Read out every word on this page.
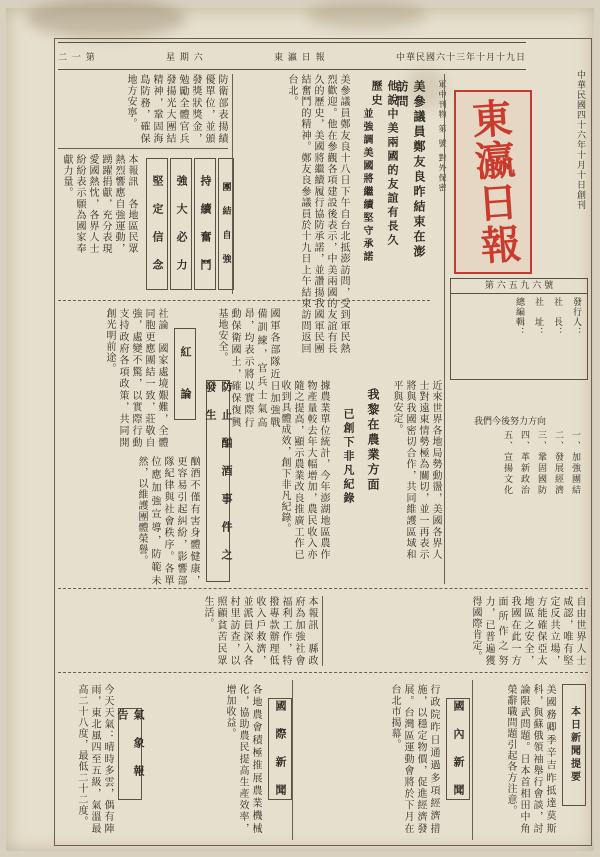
二 一 第	星 期 六	東 瀛 日 報	中華民國六十三年十月十九日
中華民國四十六年十月十日創刊
軍中刊物 第 號 對外保密 東瀛日報
第 六 五 九 六 號
發行人：
社　長：
社　址：
總編輯：
美參議員鄭友良昨結束在澎訪問
他說中美兩國的友誼有長久歷史
並強調美國將繼續堅守承諾
美參議員鄭友良十八日下午自台北抵澎訪問，受到軍民熱烈歡迎。他在參觀各項建設後表示，中美兩國的友誼有長久的歷史，美國將繼續履行協防承諾，並讚揚我國軍民團結奮鬥的精神。鄭友良參議員於十九日上午結束訪問返回台北。
防衛部表揚績優單位，並頒發獎狀獎金，勉勵全體官兵發揚光大團結精神，鞏固海島防務，確保地方安寧。
本報訊　各地區民眾熱烈響應自強運動，踴躍捐獻，充分表現愛國熱忱，各界人士紛紛表示願為國家奉獻力量。	堅　定　信　念	強　大　必　力	持　續　奮　鬥 團　結　自　強
社論　國家處境艱難，全體同胞更應團結一致，莊敬自強，處變不驚，以實際行動支持政府各項政策，共同開創光明前途。	紅　　論	國軍各部隊近日加強戰備訓練，官兵士氣高昂，均表示將以實際行動保衛國土，確保復興基地安全。
防　止　酗　酒　事　件　之　發　生
酗酒不僅有害身體健康，更容易引起糾紛，影響部隊紀律與社會秩序。各單位應加強宣導，防範未然，以維護團體榮譽。
我黎在農業方面
已創下非凡紀錄
據農業單位統計，今年澎湖地區農作物產量較去年大幅增加，農民收入亦隨之提高，顯示農業改良推廣工作已收到具體成效，創下非凡紀錄。	近來世界各地局勢動盪，美國各界人士對遠東情勢極為關切，並一再表示將與我國密切合作，共同維護區域和平與安定。	我們今後努力方向
一、加強團結
二、發展經濟
三、鞏固國防
四、革新政治
五、宣揚文化
本報訊　縣政府為加強社會福利工作，特撥專款辦理低收入戶救濟，並派員深入各村里訪查，以照顧貧苦民眾生活。	自由世界人士咸認，唯有堅定反共立場，方能確保亞太地區之安全，我國在此一方面所作之努力，已普遍獲得國際肯定。
本日新聞提要
美國務卿季辛吉昨抵達莫斯科，與蘇俄領袖舉行會談，討論限武問題。日本首相田中角榮辭職問題引起各方注意。
國　內　新　聞
行政院昨日通過多項經濟措施，以穩定物價，促進經濟發展。台灣區運動會將於下月在台北市揭幕。
國　際　新　聞
各地農會積極推展農業機械化，協助農民提高生產效率，增加收益。
氣　象　報　告
今天天氣：晴時多雲，偶有陣雨，東北風四至五級，氣溫最高二十八度，最低二十二度。
